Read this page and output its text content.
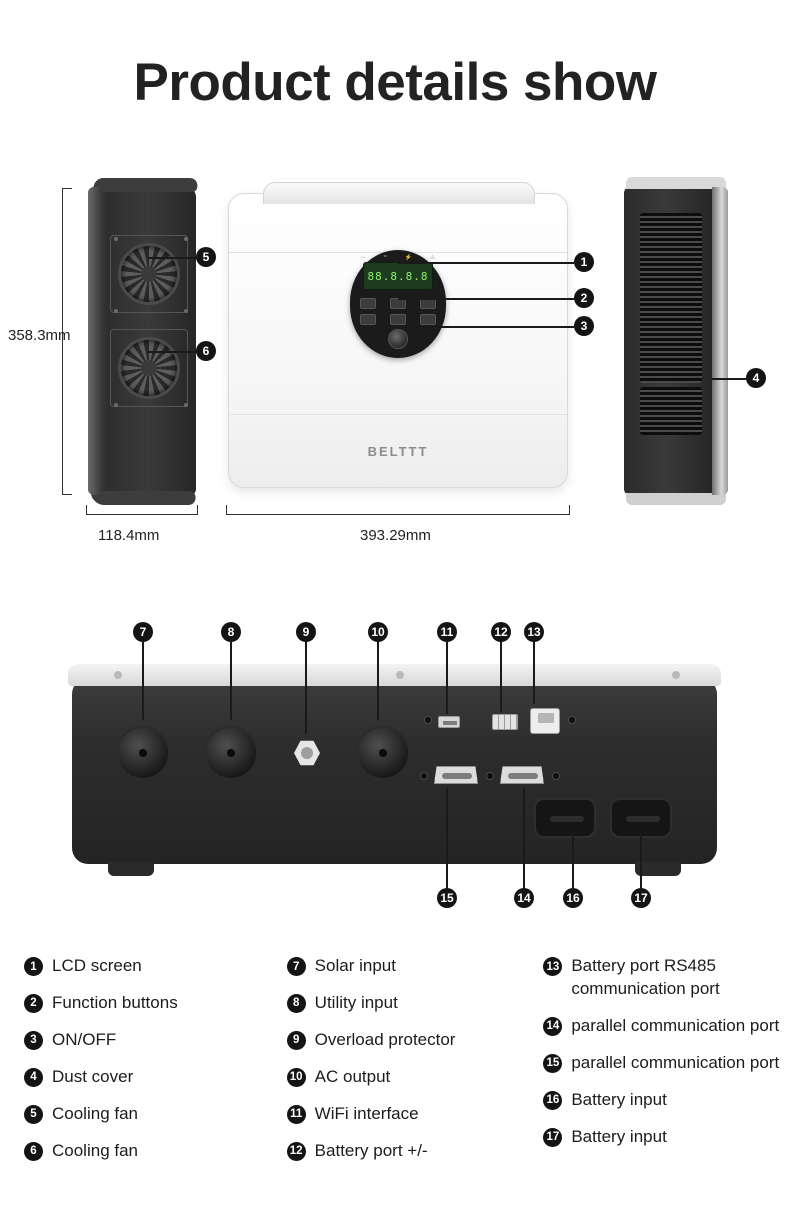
Product details show
358.3mm
88.8.8.8
∼	=	⚡	⚠
BELTTT
118.4mm	393.29mm
1
2
3
4
5
6
7	8	9	10	11	12 13
15	14	16	17
1 LCD screen
2 Function buttons
3 ON/OFF
4 Dust cover
5 Cooling fan
6 Cooling fan
7 Solar input
8 Utility input
9 Overload protector
10 AC output
11 WiFi interface
12 Battery port +/-
13 Battery port RS485 communication port
14 parallel communication port
15 parallel communication port
16 Battery input
17 Battery input
